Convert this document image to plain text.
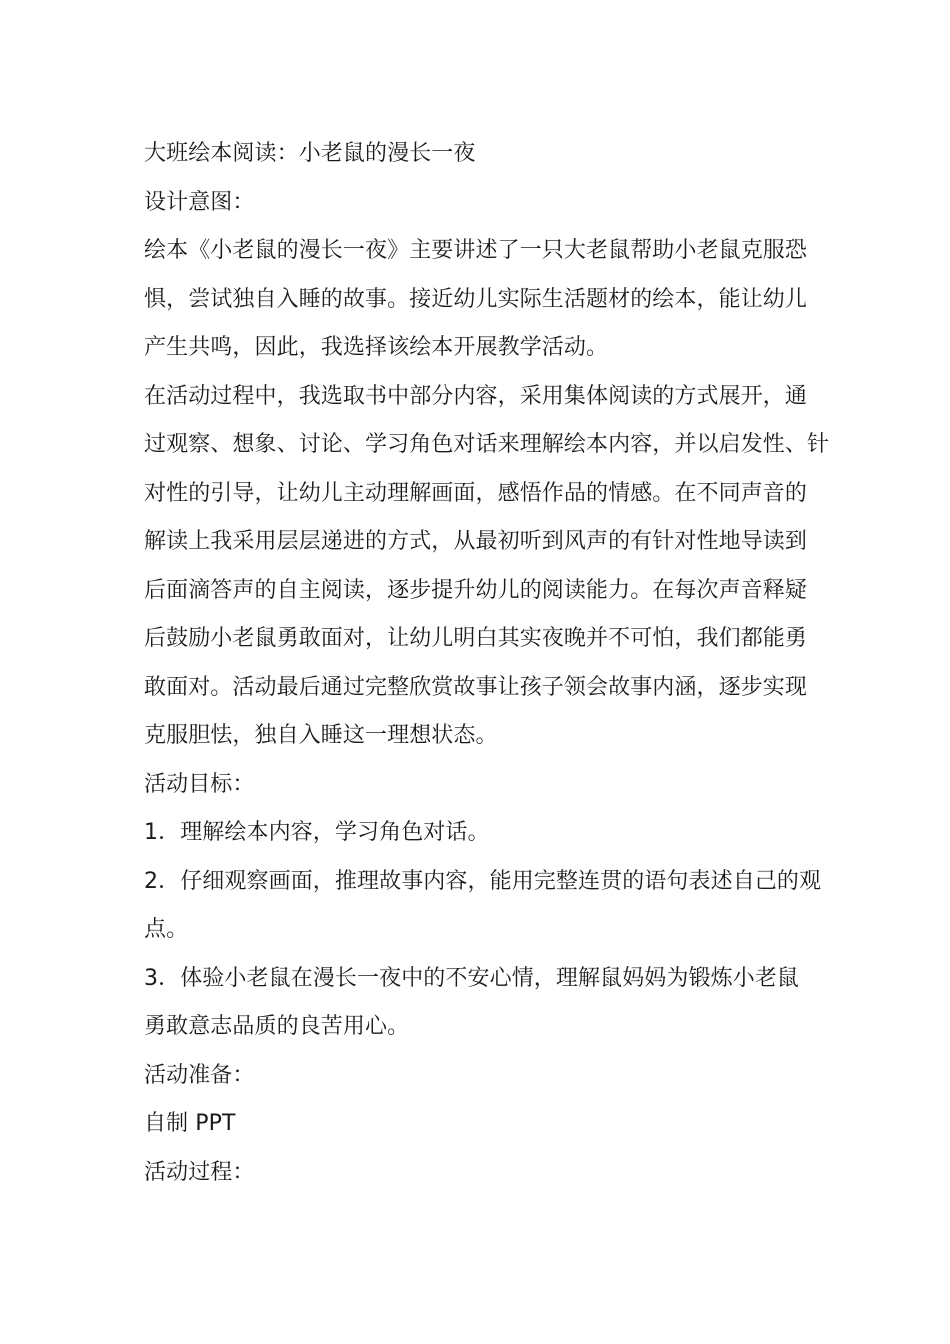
大班绘本阅读：小老鼠的漫长一夜

设计意图：

绘本《小老鼠的漫长一夜》主要讲述了一只大老鼠帮助小老鼠克服恐

惧，尝试独自入睡的故事。接近幼儿实际生活题材的绘本，能让幼儿

产生共鸣，因此，我选择该绘本开展教学活动。

在活动过程中，我选取书中部分内容，采用集体阅读的方式展开，通

过观察、想象、讨论、学习角色对话来理解绘本内容，并以启发性、针

对性的引导，让幼儿主动理解画面，感悟作品的情感。在不同声音的

解读上我采用层层递进的方式，从最初听到风声的有针对性地导读到

后面滴答声的自主阅读，逐步提升幼儿的阅读能力。在每次声音释疑

后鼓励小老鼠勇敢面对，让幼儿明白其实夜晚并不可怕，我们都能勇

敢面对。活动最后通过完整欣赏故事让孩子领会故事内涵，逐步实现

克服胆怯，独自入睡这一理想状态。

活动目标：

1．理解绘本内容，学习角色对话。

2．仔细观察画面，推理故事内容，能用完整连贯的语句表述自己的观

点。

3．体验小老鼠在漫长一夜中的不安心情，理解鼠妈妈为锻炼小老鼠

勇敢意志品质的良苦用心。

活动准备：

自制 PPT

活动过程：
